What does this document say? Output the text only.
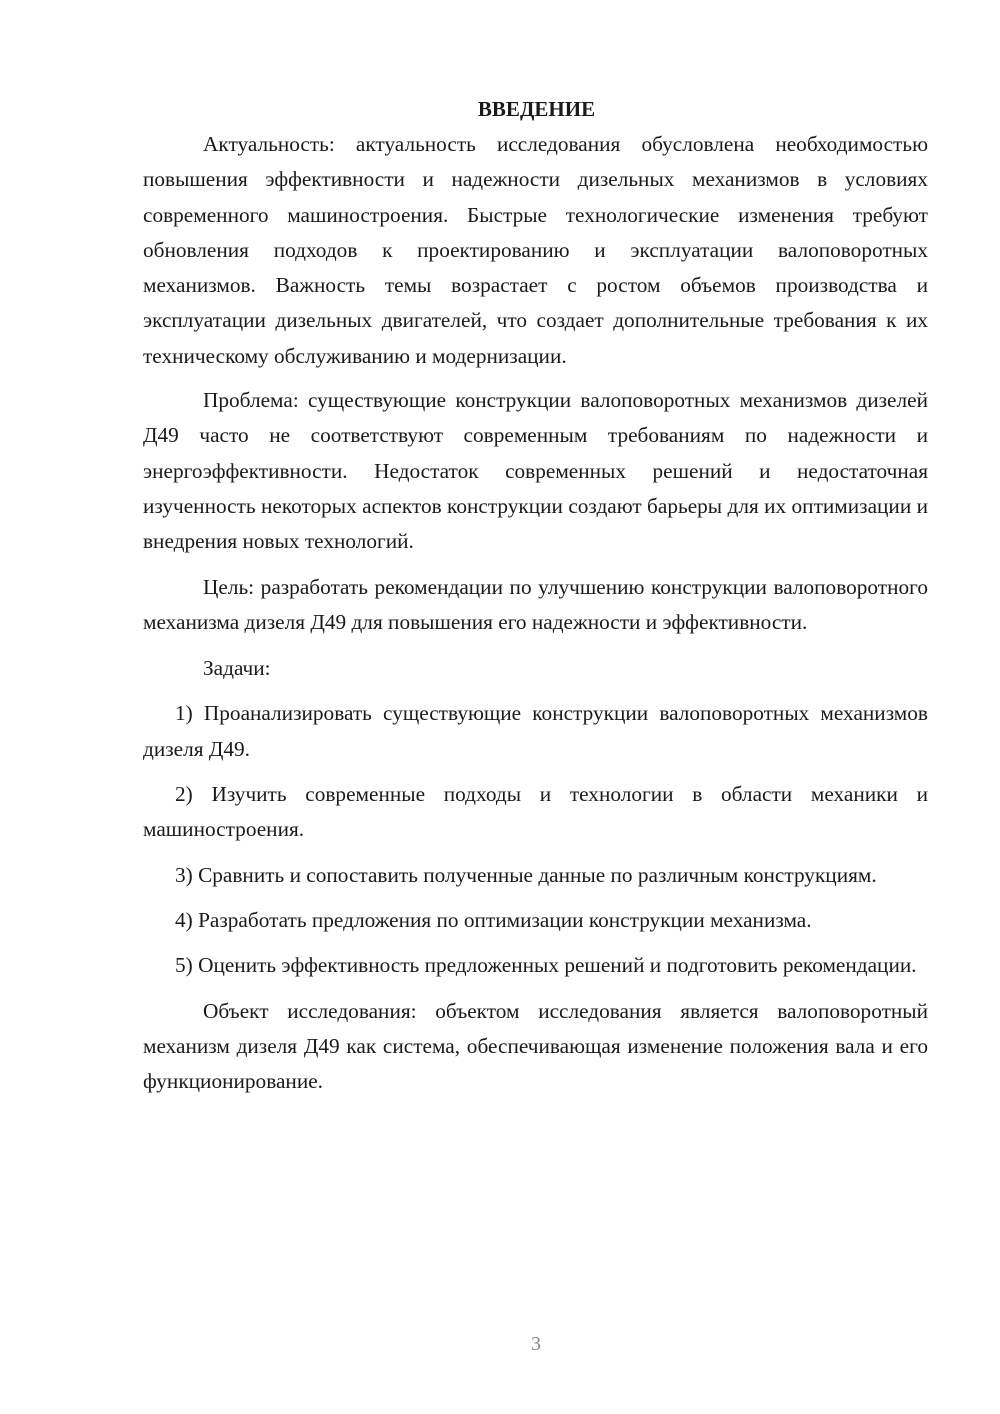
ВВЕДЕНИЕ

Актуальность: актуальность исследования обусловлена необходимостью повышения эффективности и надежности дизельных механизмов в условиях современного машиностроения. Быстрые технологические изменения требуют обновления подходов к проектированию и эксплуатации валоповоротных механизмов. Важность темы возрастает с ростом объемов производства и эксплуатации дизельных двигателей, что создает дополнительные требования к их техническому обслуживанию и модернизации.

Проблема: существующие конструкции валоповоротных механизмов дизелей Д49 часто не соответствуют современным требованиям по надежности и энергоэффективности. Недостаток современных решений и недостаточная изученность некоторых аспектов конструкции создают барьеры для их оптимизации и внедрения новых технологий.

Цель: разработать рекомендации по улучшению конструкции валоповоротного механизма дизеля Д49 для повышения его надежности и эффективности.

Задачи:

1) Проанализировать существующие конструкции валоповоротных механизмов дизеля Д49.

2) Изучить современные подходы и технологии в области механики и машиностроения.

3) Сравнить и сопоставить полученные данные по различным конструкциям.

4) Разработать предложения по оптимизации конструкции механизма.

5) Оценить эффективность предложенных решений и подготовить рекомендации.

Объект исследования: объектом исследования является валоповоротный механизм дизеля Д49 как система, обеспечивающая изменение положения вала и его функционирование.

3
